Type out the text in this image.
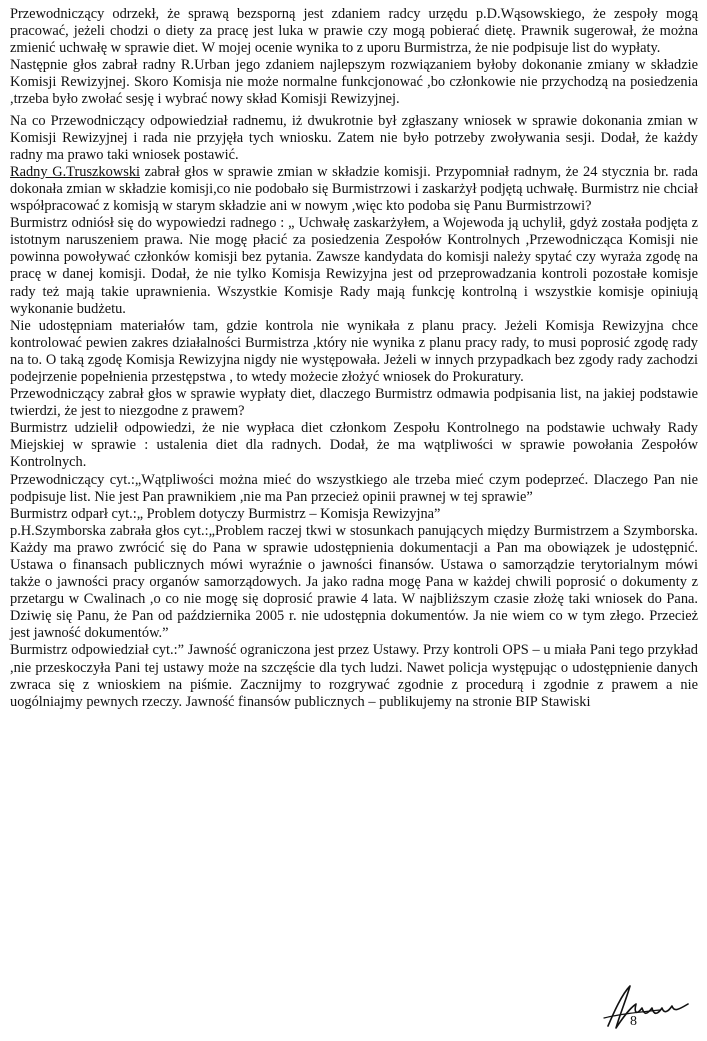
Przewodniczący odrzekł, że sprawą bezsporną jest zdaniem radcy urzędu p.D.Wąsowskiego, że zespoły mogą pracować, jeżeli chodzi o diety za pracę jest luka w prawie czy mogą pobierać dietę. Prawnik sugerował, że można zmienić uchwałę w sprawie diet. W mojej ocenie wynika to z uporu Burmistrza, że nie podpisuje list do wypłaty.

Następnie głos zabrał radny R.Urban jego zdaniem najlepszym rozwiązaniem byłoby dokonanie zmiany w składzie Komisji Rewizyjnej. Skoro Komisja nie może normalne funkcjonować ,bo członkowie nie przychodzą na posiedzenia ,trzeba było zwołać sesję i wybrać nowy skład Komisji Rewizyjnej.

Na co Przewodniczący odpowiedział radnemu, iż dwukrotnie był zgłaszany wniosek w sprawie dokonania zmian w Komisji Rewizyjnej i rada nie przyjęła tych wniosku. Zatem nie było potrzeby zwoływania sesji. Dodał, że każdy radny ma prawo taki wniosek postawić.

Radny G.Truszkowski zabrał głos w sprawie zmian w składzie komisji. Przypomniał radnym, że 24 stycznia br. rada dokonała zmian w składzie komisji,co nie podobało się Burmistrzowi i zaskarżył podjętą uchwałę. Burmistrz nie chciał współpracować z komisją w starym składzie ani w nowym ,więc kto podoba się Panu Burmistrzowi?

Burmistrz odniósł się do wypowiedzi radnego : „ Uchwałę zaskarżyłem, a Wojewoda ją uchylił, gdyż została podjęta z istotnym naruszeniem prawa. Nie mogę płacić za posiedzenia Zespołów Kontrolnych ,Przewodnicząca Komisji nie powinna powoływać członków komisji bez pytania. Zawsze kandydata do komisji należy spytać czy wyraża zgodę na pracę w danej komisji. Dodał, że nie tylko Komisja Rewizyjna jest od przeprowadzania kontroli pozostałe komisje rady też mają takie uprawnienia. Wszystkie Komisje Rady mają funkcję kontrolną i wszystkie komisje opiniują wykonanie budżetu.

Nie udostępniam materiałów tam, gdzie kontrola nie wynikała z planu pracy. Jeżeli Komisja Rewizyjna chce kontrolować pewien zakres działalności Burmistrza ,który nie wynika z planu pracy rady, to musi poprosić zgodę rady na to. O taką zgodę Komisja Rewizyjna nigdy nie występowała. Jeżeli w innych przypadkach bez zgody rady zachodzi podejrzenie popełnienia przestępstwa , to wtedy możecie złożyć wniosek do Prokuratury.

Przewodniczący zabrał głos w sprawie wypłaty diet, dlaczego Burmistrz odmawia podpisania list, na jakiej podstawie twierdzi, że jest to niezgodne z prawem?

Burmistrz udzielił odpowiedzi, że nie wypłaca diet członkom Zespołu Kontrolnego na podstawie uchwały Rady Miejskiej w sprawie : ustalenia diet dla radnych. Dodał, że ma wątpliwości w sprawie powołania Zespołów Kontrolnych.

Przewodniczący cyt.:„Wątpliwości można mieć do wszystkiego ale trzeba mieć czym podeprzeć. Dlaczego Pan nie podpisuje list. Nie jest Pan prawnikiem ,nie ma Pan przecież opinii prawnej w tej sprawie”

Burmistrz odparł cyt.:„ Problem dotyczy Burmistrz – Komisja Rewizyjna”

p.H.Szymborska zabrała głos cyt.:„Problem raczej tkwi w stosunkach panujących między Burmistrzem a Szymborska. Każdy ma prawo zwrócić się do Pana w sprawie udostępnienia dokumentacji a Pan ma obowiązek je udostępnić. Ustawa o finansach publicznych mówi wyraźnie o jawności finansów. Ustawa o samorządzie terytorialnym mówi także o jawności pracy organów samorządowych. Ja jako radna mogę Pana w każdej chwili poprosić o dokumenty z przetargu w Cwalinach ,o co nie mogę się doprosić prawie 4 lata. W najbliższym czasie złożę taki wniosek do Pana. Dziwię się Panu, że Pan od października 2005 r. nie udostępnia dokumentów. Ja nie wiem co w tym złego. Przecież jest jawność dokumentów.”

Burmistrz odpowiedział cyt.:” Jawność ograniczona jest przez Ustawy. Przy kontroli OPS – u miała Pani tego przykład ,nie przeskoczyła Pani tej ustawy może na szczęście dla tych ludzi. Nawet policja występując o udostępnienie danych zwraca się z wnioskiem na piśmie. Zacznijmy to rozgrywać zgodnie z procedurą i zgodnie z prawem a nie uogólniajmy pewnych rzeczy. Jawność finansów publicznych – publikujemy na stronie BIP Stawiski

8
